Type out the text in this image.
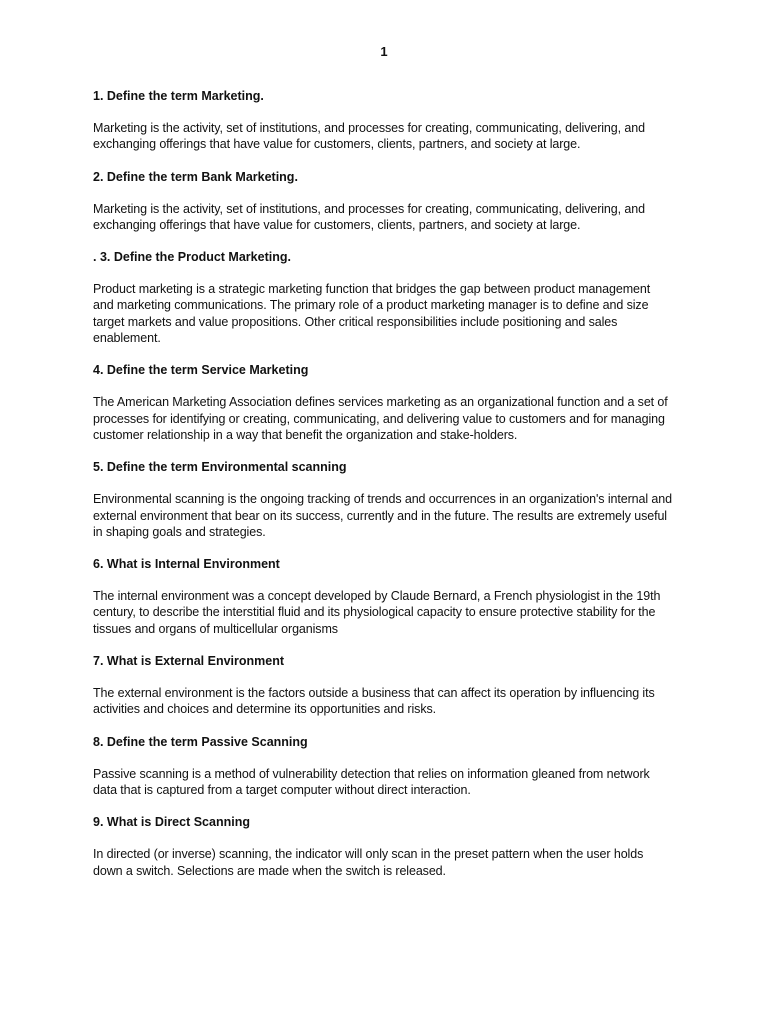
1

1. Define the term Marketing.

Marketing is the activity, set of institutions, and processes for creating, communicating, delivering, and exchanging offerings that have value for customers, clients, partners, and society at large.

2. Define the term Bank Marketing.

Marketing is the activity, set of institutions, and processes for creating, communicating, delivering, and exchanging offerings that have value for customers, clients, partners, and society at large.

. 3. Define the Product Marketing.

Product marketing is a strategic marketing function that bridges the gap between product management and marketing communications. The primary role of a product marketing manager is to define and size target markets and value propositions. Other critical responsibilities include positioning and sales enablement.

4. Define the term Service Marketing

The American Marketing Association defines services marketing as an organizational function and a set of processes for identifying or creating, communicating, and delivering value to customers and for managing customer relationship in a way that benefit the organization and stake-holders.

5. Define the term Environmental scanning

Environmental scanning is the ongoing tracking of trends and occurrences in an organization's internal and external environment that bear on its success, currently and in the future. The results are extremely useful in shaping goals and strategies.

6. What is Internal Environment

The internal environment was a concept developed by Claude Bernard, a French physiologist in the 19th century, to describe the interstitial fluid and its physiological capacity to ensure protective stability for the tissues and organs of multicellular organisms

7. What is External Environment

The external environment is the factors outside a business that can affect its operation by influencing its activities and choices and determine its opportunities and risks.

8. Define the term Passive Scanning

Passive scanning is a method of vulnerability detection that relies on information gleaned from network data that is captured from a target computer without direct interaction.

9. What is Direct Scanning

In directed (or inverse) scanning, the indicator will only scan in the preset pattern when the user holds down a switch. Selections are made when the switch is released.
